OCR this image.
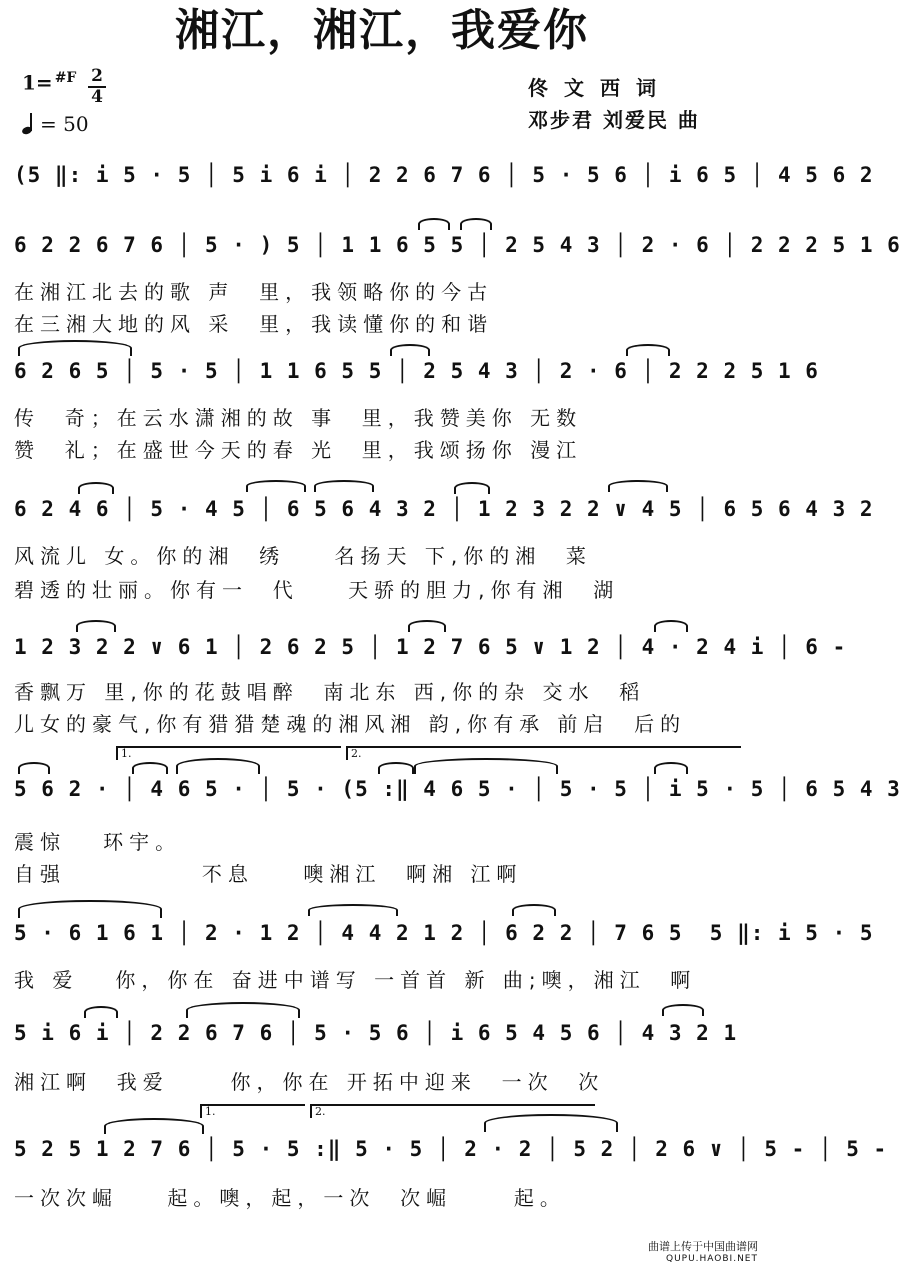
湘江，湘江，我爱你
1= $^{\#F}$ 2
4
= 50
佟文西词
邓步君 刘爱民 曲
(5 ‖: i 5 · 5 │ 5 i 6 i │ 2 2 6 7 6 │ 5 · 5 6 │ i 6 5 │ 4 5 6 2
6 2 2 6 7 6 │ 5 · ) 5 │ 1 1 6 5 5 │ 2 5 4 3 │ 2 · 6 │ 2 2 2 5 1 6
在湘江北去的歌 声  里，我领略你的今古
在三湘大地的风 采  里，我读懂你的和谐
6 2 6 5 │ 5 · 5 │ 1 1 6 5 5 │ 2 5 4 3 │ 2 · 6 │ 2 2 2 5 1 6
传  奇；在云水潇湘的故 事  里，我赞美你 无数
赞  礼；在盛世今天的春 光  里，我颂扬你 漫江
6 2 4 6 │ 5 · 4 5 │ 6 5 6 4 3 2 │ 1 2 3 2 2 ∨ 4 5 │ 6 5 6 4 3 2
风流儿 女。你的湘  绣    名扬天 下,你的湘  菜
碧透的壮丽。你有一  代    天骄的胆力,你有湘  湖
1 2 3 2 2 ∨ 6 1 │ 2 6 2 5 │ 1 2 7 6 5 ∨ 1 2 │ 4 · 2 4 i │ 6 -
香飘万 里,你的花鼓唱醉  南北东 西,你的杂 交水  稻
儿女的豪气,你有猎猎楚魂的湘风湘 韵,你有承 前启  后的
1.	2.
5 6 2 · │ 4 6 5 · │ 5 · (5 :‖ 4 6 5 · │ 5 · 5 │ i 5 · 5 │ 6 5 4 3
震惊   环宇。
自强           不息    噢湘江  啊湘 江啊
5 · 6 1 6 1 │ 2 · 1 2 │ 4 4 2 1 2 │ 6 2 2 │ 7 6 5  5 ‖: i 5 · 5
我 爱   你，你在 奋进中谱写 一首首 新 曲;噢，湘江  啊
5 i 6 i │ 2 2 6 7 6 │ 5 · 5 6 │ i 6 5 4 5 6 │ 4 3 2 1
湘江啊  我爱     你，你在 开拓中迎来  一次  次
1.	2.
5 2 5 1 2 7 6 │ 5 · 5 :‖ 5 · 5 │ 2 · 2 │ 5 2 │ 2 6 ∨ │ 5 - │ 5 -
一次次崛    起。噢，起，一次  次崛     起。
曲谱上传于中国曲谱网
QUPU.HAOBI.NET
